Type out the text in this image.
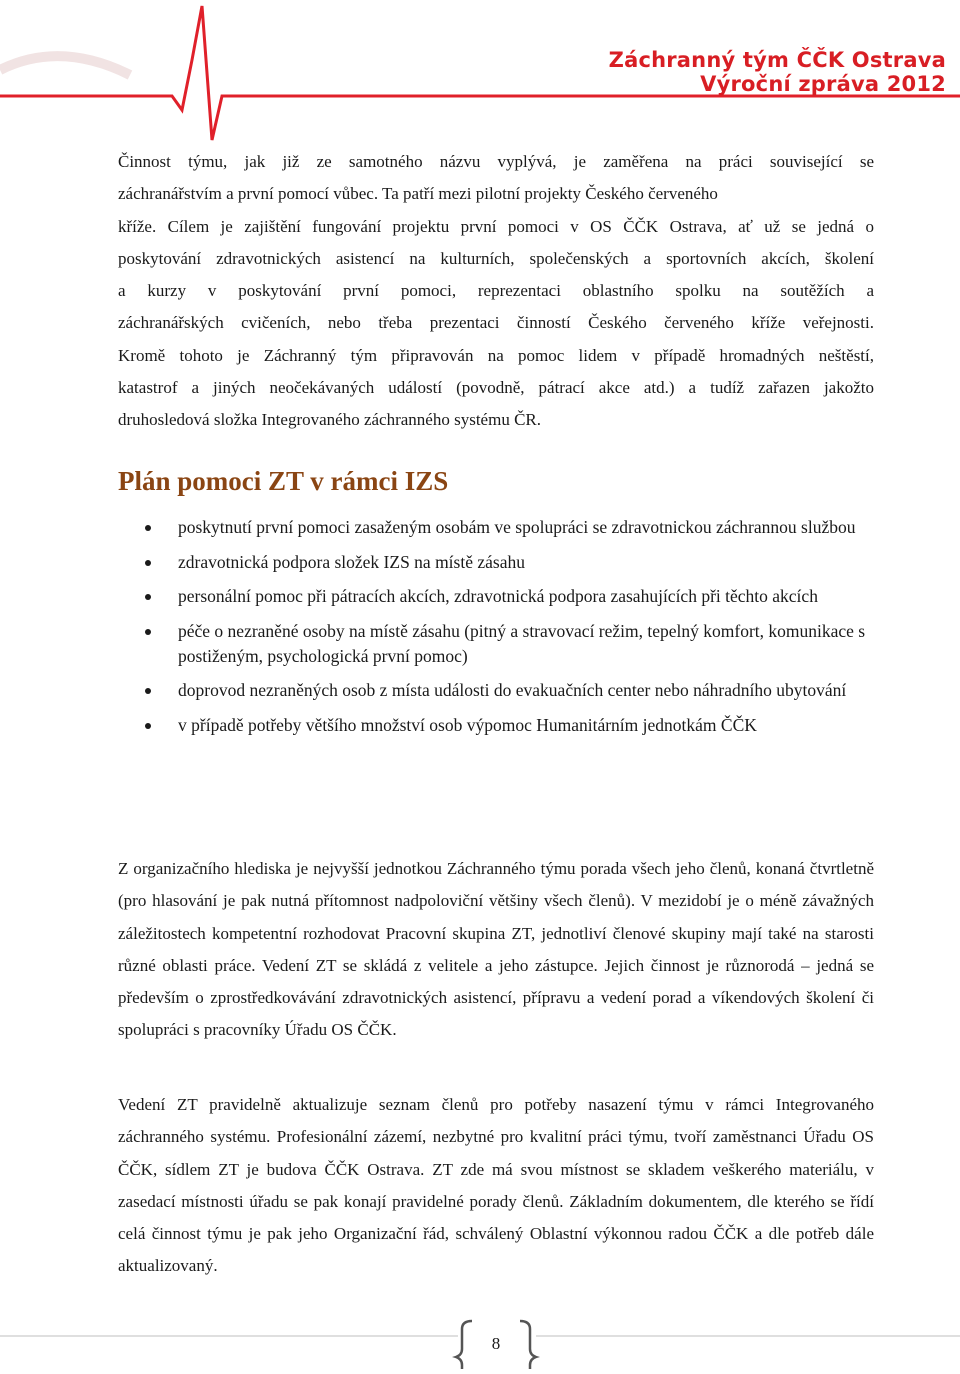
Záchranný tým ČČK Ostrava
Výroční zpráva 2012
Činnost týmu, jak již ze samotného názvu vyplývá, je zaměřena na práci související se
záchranářstvím a první pomocí vůbec. Ta patří mezi pilotní projekty Českého červeného
kříže. Cílem je zajištění fungování projektu první pomoci v OS ČČK Ostrava, ať už se jedná o
poskytování zdravotnických asistencí na kulturních, společenských a sportovních akcích, školení
a kurzy v poskytování první pomoci, reprezentaci oblastního spolku na soutěžích a
záchranářských cvičeních, nebo třeba prezentaci činností Českého červeného kříže veřejnosti.
Kromě tohoto je Záchranný tým připravován na pomoc lidem v případě hromadných neštěstí,
katastrof a jiných neočekávaných událostí (povodně, pátrací akce atd.) a tudíž zařazen jakožto
druhosledová složka Integrovaného záchranného systému ČR.
Plán pomoci ZT v rámci IZS
poskytnutí první pomoci zasaženým osobám ve spolupráci se zdravotnickou záchrannou službou
zdravotnická podpora složek IZS na místě zásahu
personální pomoc při pátracích akcích, zdravotnická podpora zasahujících při těchto akcích
péče o nezraněné osoby na místě zásahu (pitný a stravovací režim, tepelný komfort, komunikace s postiženým, psychologická první pomoc)
doprovod nezraněných osob z místa události do evakuačních center nebo náhradního ubytování
v případě potřeby většího množství osob výpomoc Humanitárním jednotkám ČČK

Z organizačního hlediska je nejvyšší jednotkou Záchranného týmu porada všech jeho členů, konaná čtvrtletně (pro hlasování je pak nutná přítomnost nadpoloviční většiny všech členů). V mezidobí je o méně závažných záležitostech kompetentní rozhodovat Pracovní skupina ZT, jednotliví členové skupiny mají také na starosti různé oblasti práce. Vedení ZT se skládá z velitele a jeho zástupce. Jejich činnost je různorodá – jedná se především o zprostředkovávání zdravotnických asistencí, přípravu a vedení porad a víkendových školení či spolupráci s pracovníky Úřadu OS ČČK.

Vedení ZT pravidelně aktualizuje seznam členů pro potřeby nasazení týmu v rámci Integrovaného záchranného systému. Profesionální zázemí, nezbytné pro kvalitní práci týmu, tvoří zaměstnanci Úřadu OS ČČK, sídlem ZT je budova ČČK Ostrava. ZT zde má svou místnost se skladem veškerého materiálu, v zasedací místnosti úřadu se pak konají pravidelné porady členů. Základním dokumentem, dle kterého se řídí celá činnost týmu je pak jeho Organizační řád, schválený Oblastní výkonnou radou ČČK a dle potřeb dále aktualizovaný.

8
